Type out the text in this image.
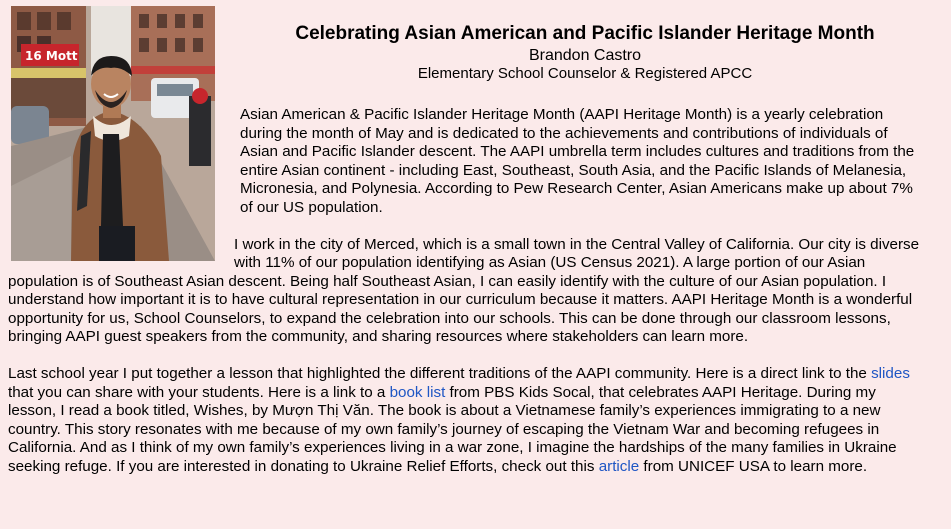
16 Mott
Celebrating Asian American and Pacific Islander Heritage Month
Brandon Castro
Elementary School Counselor & Registered APCC

Asian American & Pacific Islander Heritage Month (AAPI Heritage Month) is a yearly celebration during the month of May and is dedicated to the achievements and contributions of individuals of Asian and Pacific Islander descent. The AAPI umbrella term includes cultures and traditions from the entire Asian continent - including East, Southeast, South Asia, and the Pacific Islands of Melanesia, Micronesia, and Polynesia. According to Pew Research Center, Asian Americans make up about 7% of our US population.

I work in the city of Merced, which is a small town in the Central Valley of California. Our city is diverse with 11% of our population identifying as Asian (US Census 2021). A large portion of our Asian population is of Southeast Asian descent. Being half Southeast Asian, I can easily identify with the culture of our Asian population. I understand how important it is to have cultural representation in our curriculum because it matters. AAPI Heritage Month is a wonderful opportunity for us, School Counselors, to expand the celebration into our schools. This can be done through our classroom lessons, bringing AAPI guest speakers from the community, and sharing resources where stakeholders can learn more.

Last school year I put together a lesson that highlighted the different traditions of the AAPI community. Here is a direct link to the slides that you can share with your students. Here is a link to a book list from PBS Kids Socal, that celebrates AAPI Heritage. During my lesson, I read a book titled, Wishes, by Mượn Thị Văn. The book is about a Vietnamese family’s experiences immigrating to a new country. This story resonates with me because of my own family’s journey of escaping the Vietnam War and becoming refugees in California. And as I think of my own family’s experiences living in a war zone, I imagine the hardships of the many families in Ukraine seeking refuge. If you are interested in donating to Ukraine Relief Efforts, check out this article from UNICEF USA to learn more.
